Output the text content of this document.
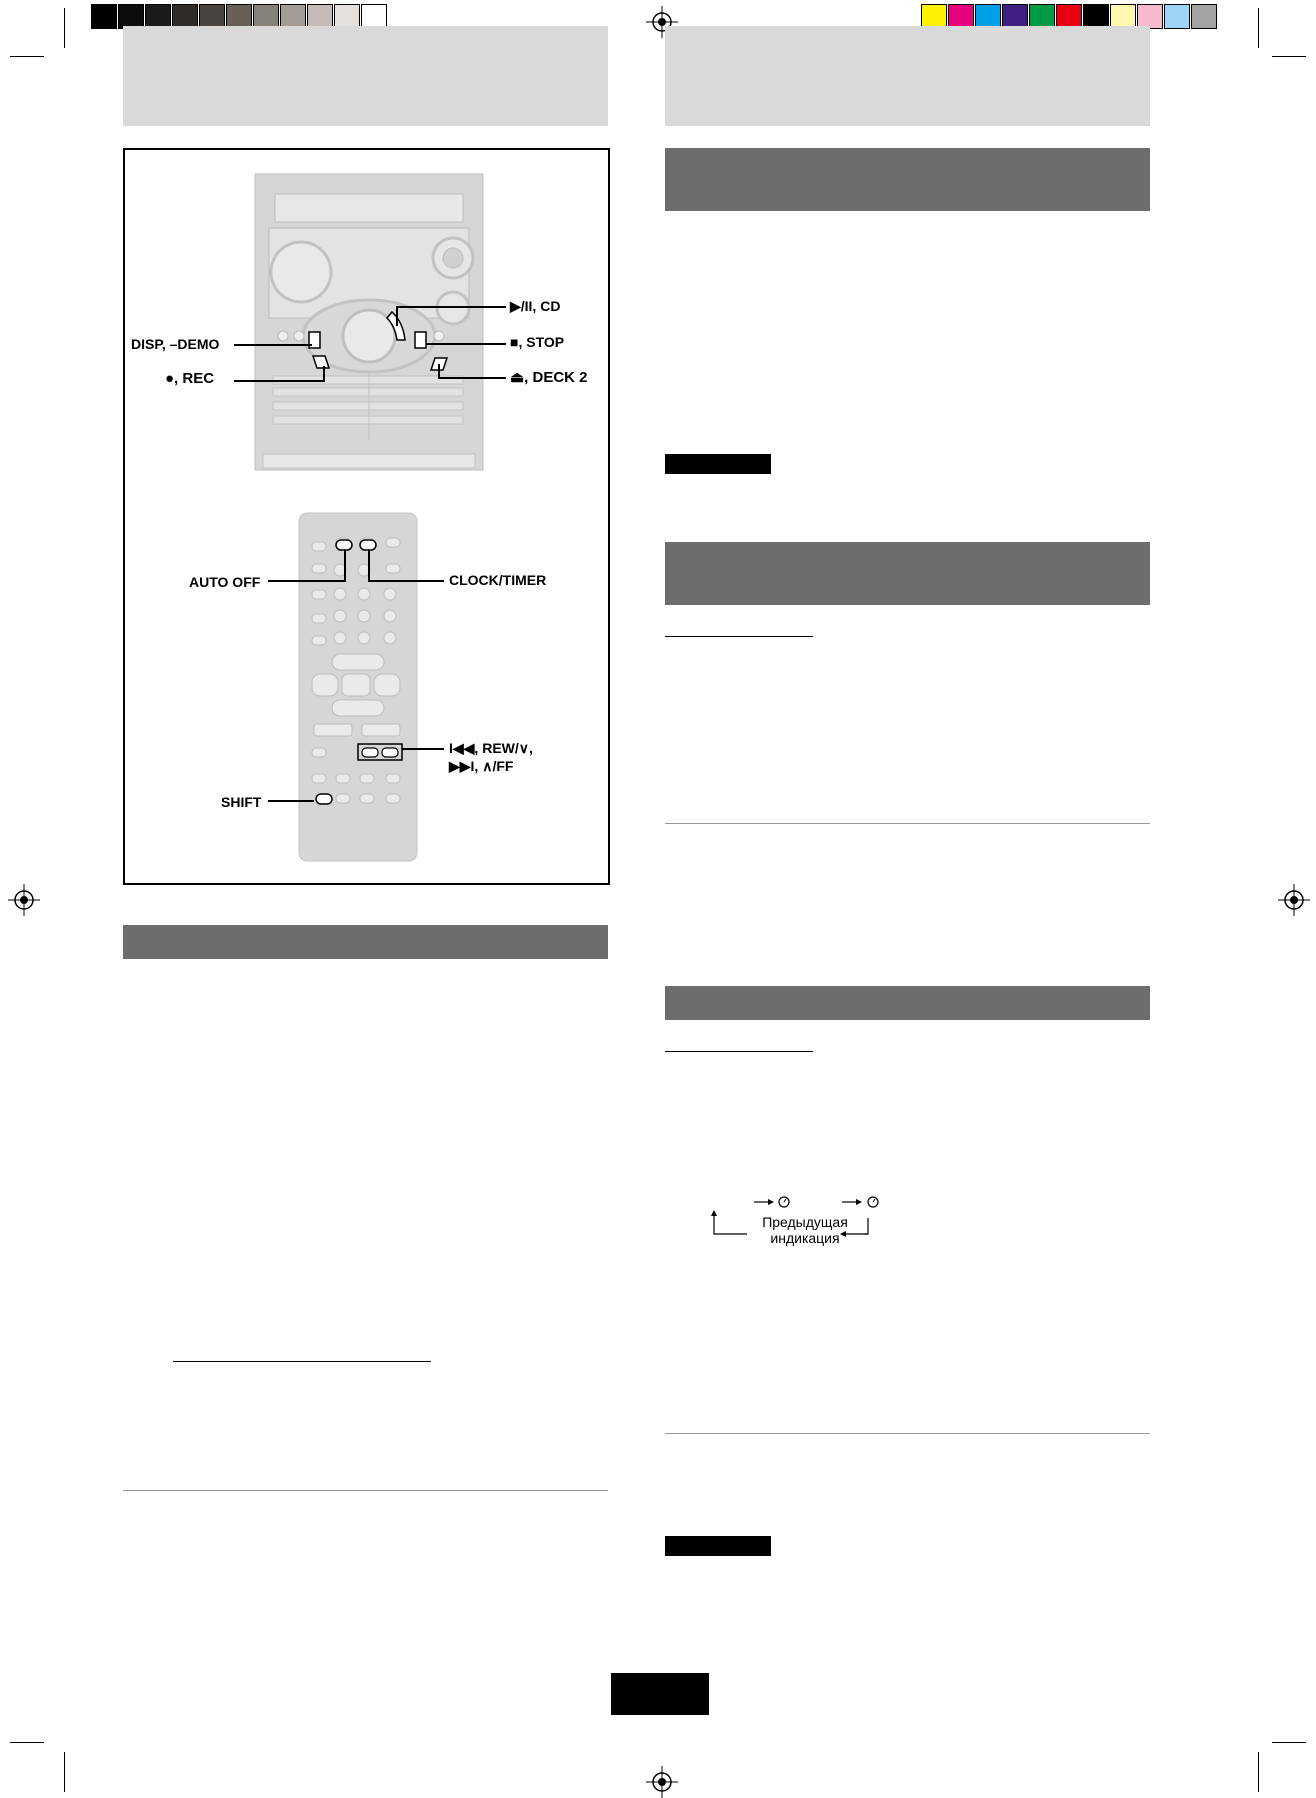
▶/II, CD
■, STOP
⏏, DECK 2
DISP, –DEMO
●, REC
AUTO OFF	CLOCK/TIMER
I◀◀, REW/∨,
▶▶I, ∧/FF
SHIFT
Предыдущая
индикация
